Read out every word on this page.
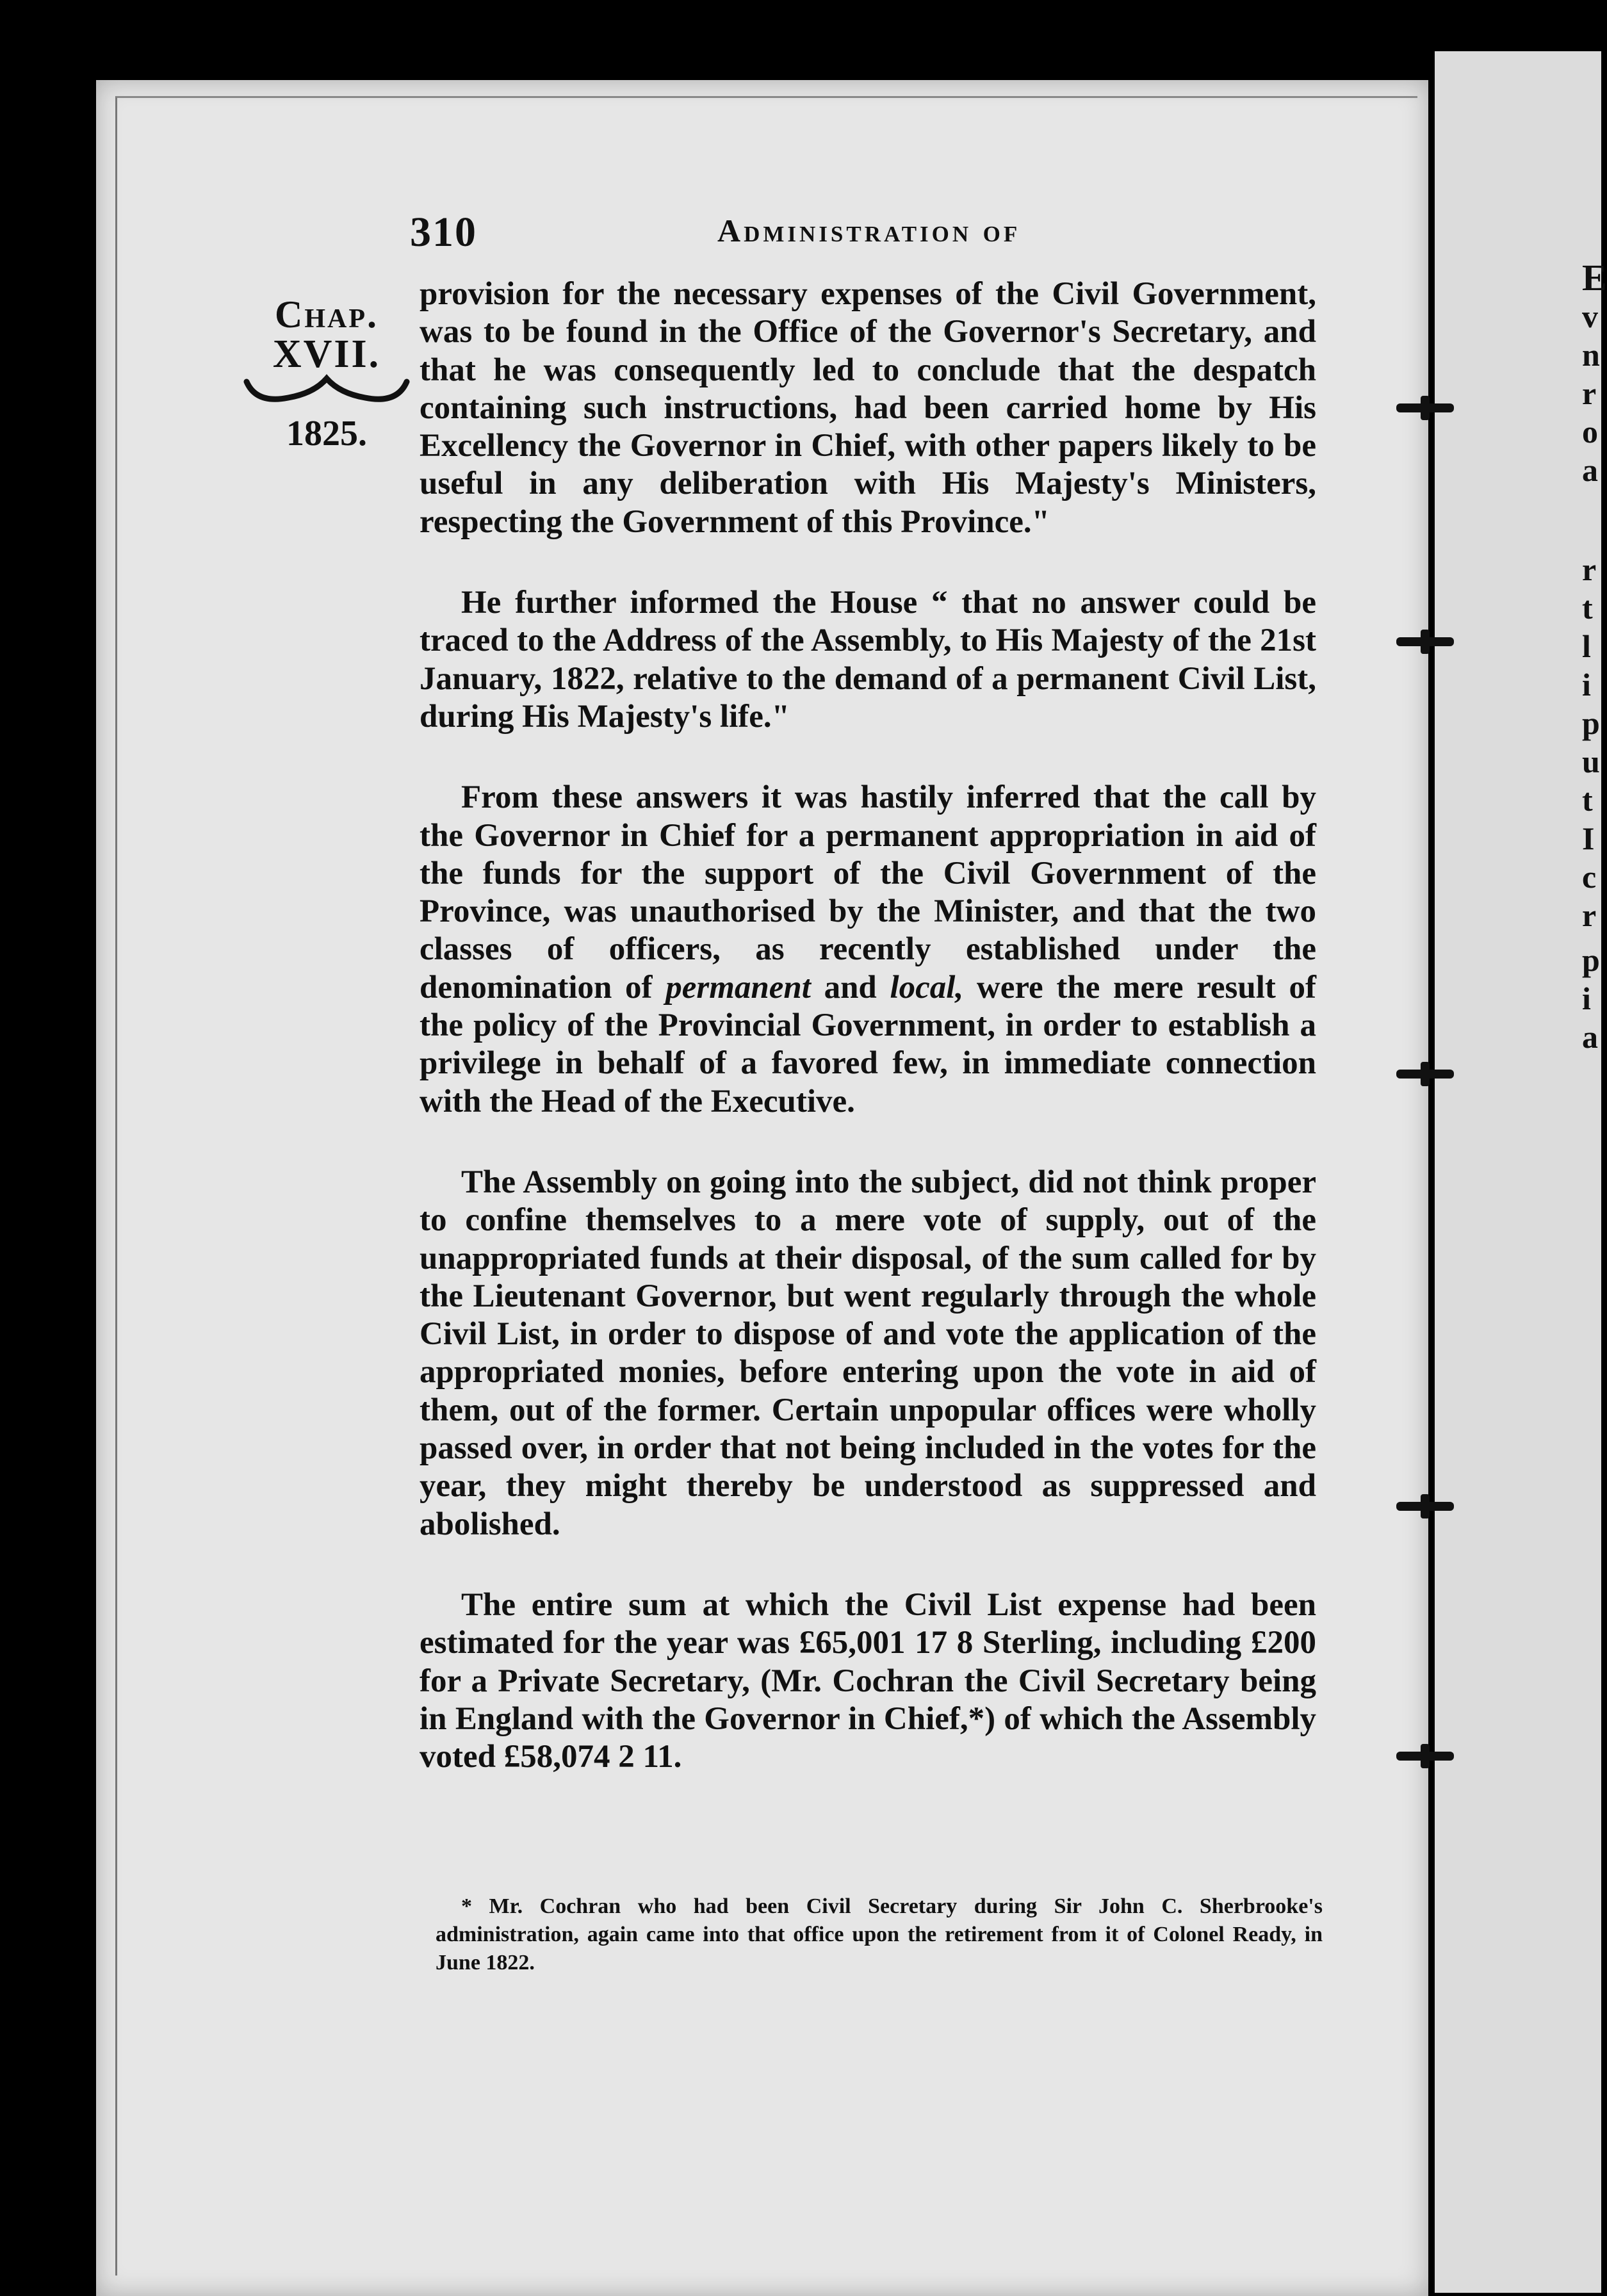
E
v
n
r
o
a
r
t
l
i
p
u
t
I
c
r
p
i
a
310	Administration of
Chap.
XVII.
1825.

provision for the necessary expenses of the Civil Government, was to be found in the Office of the Governor's Secretary, and that he was consequently led to conclude that the despatch containing such instructions, had been carried home by His Excellency the Governor in Chief, with other papers likely to be useful in any deliberation with His Majesty's Ministers, respecting the Government of this Province."

He further informed the House “ that no answer could be traced to the Address of the Assembly, to His Majesty of the 21st January, 1822, relative to the demand of a permanent Civil List, during His Majesty's life."

From these answers it was hastily inferred that the call by the Governor in Chief for a permanent appropriation in aid of the funds for the support of the Civil Government of the Province, was unauthorised by the Minister, and that the two classes of officers, as recently established under the denomination of permanent and local, were the mere result of the policy of the Provincial Government, in order to establish a privilege in behalf of a favored few, in immediate connection with the Head of the Executive.

The Assembly on going into the subject, did not think proper to confine themselves to a mere vote of supply, out of the unappropriated funds at their disposal, of the sum called for by the Lieutenant Governor, but went regularly through the whole Civil List, in order to dispose of and vote the application of the appropriated monies, before entering upon the vote in aid of them, out of the former. Certain unpopular offices were wholly passed over, in order that not being included in the votes for the year, they might thereby be understood as suppressed and abolished.

The entire sum at which the Civil List expense had been estimated for the year was £65,001 17 8 Sterling, including £200 for a Private Secretary, (Mr. Cochran the Civil Secretary being in England with the Governor in Chief,*) of which the Assembly voted £58,074 2 11.

* Mr. Cochran who had been Civil Secretary during Sir John C. Sherbrooke's administration, again came into that office upon the retirement from it of Colonel Ready, in June 1822.
